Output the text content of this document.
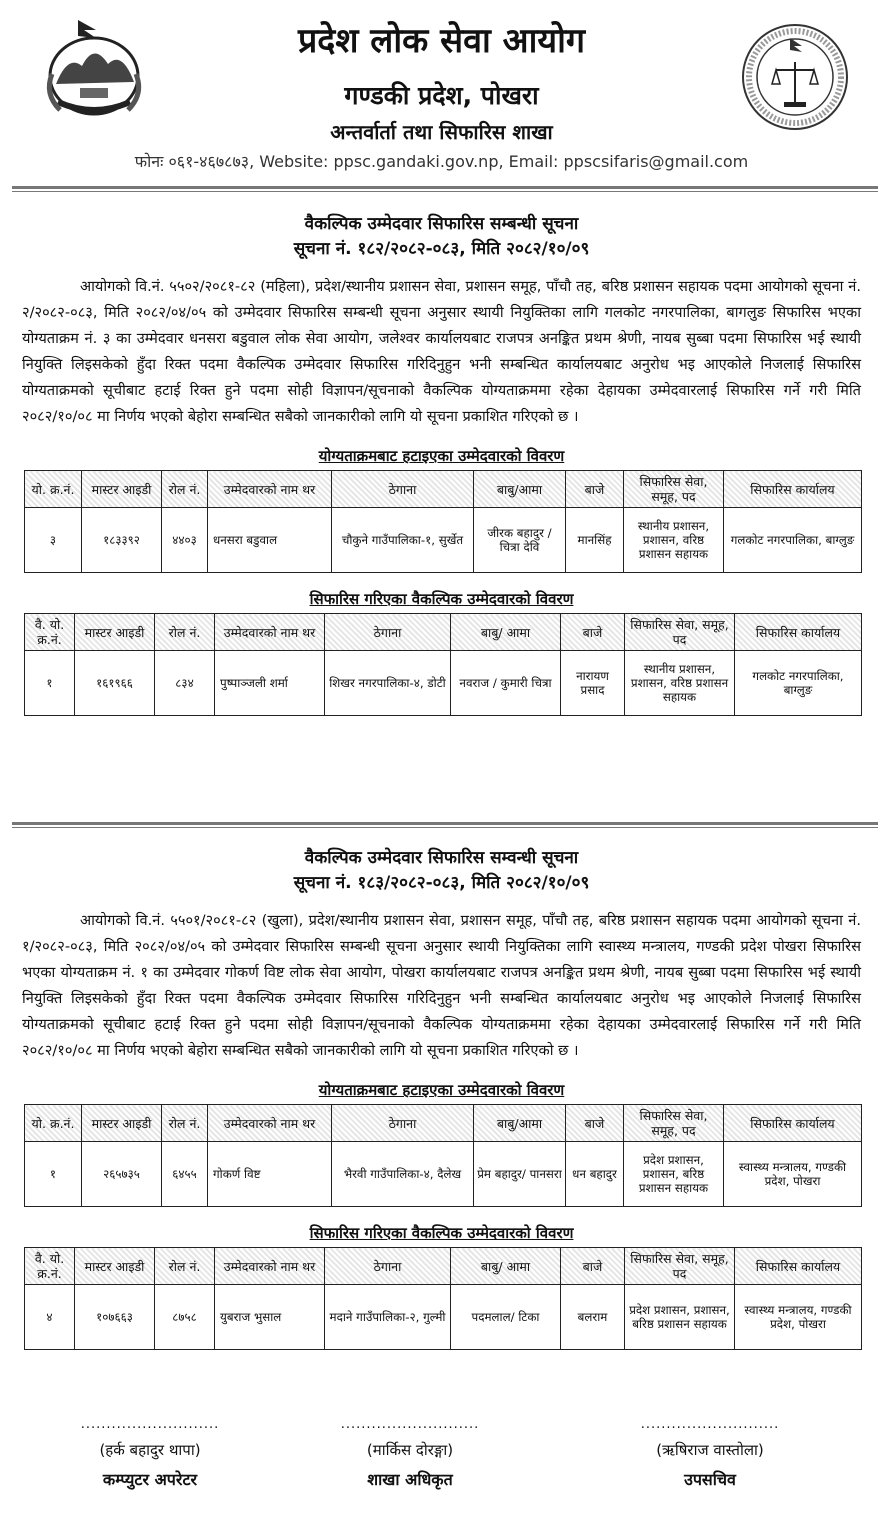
प्रदेश लोक सेवा आयोग
गण्डकी प्रदेश, पोखरा
अन्तर्वार्ता तथा सिफारिस शाखा
फोनः ०६१-४६७८७३, Website: ppsc.gandaki.gov.np, Email: ppscsifaris@gmail.com
वैकल्पिक उम्मेदवार सिफारिस सम्बन्धी सूचना
सूचना नं. १८२/२०८२-०८३, मिति २०८२/१०/०९
आयोगको वि.नं. ५५०२/२०८१-८२ (महिला), प्रदेश/स्थानीय प्रशासन सेवा, प्रशासन समूह, पाँचौ तह, बरिष्ठ प्रशासन सहायक पदमा आयोगको सूचना नं. २/२०८२-०८३, मिति २०८२/०४/०५ को उम्मेदवार सिफारिस सम्बन्धी सूचना अनुसार स्थायी नियुक्तिका लागि गलकोट नगरपालिका, बागलुङ सिफारिस भएका योग्यताक्रम नं. ३ का उम्मेदवार धनसरा बडुवाल लोक सेवा आयोग, जलेश्वर कार्यालयबाट राजपत्र अनङ्कित प्रथम श्रेणी, नायब सुब्बा पदमा सिफारिस भई स्थायी नियुक्ति लिइसकेको हुँदा रिक्त पदमा वैकल्पिक उम्मेदवार सिफारिस गरिदिनुहुन भनी सम्बन्धित कार्यालयबाट अनुरोध भइ आएकोले निजलाई सिफारिस योग्यताक्रमको सूचीबाट हटाई रिक्त हुने पदमा सोही विज्ञापन/सूचनाको वैकल्पिक योग्यताक्रममा रहेका देहायका उम्मेदवारलाई सिफारिस गर्ने गरी मिति २०८२/१०/०८ मा निर्णय भएको बेहोरा सम्बन्धित सबैको जानकारीको लागि यो सूचना प्रकाशित गरिएको छ ।
योग्यताक्रमबाट हटाइएका उम्मेदवारको विवरण
यो. क्र.नं.	मास्टर आइडी	रोल नं.	उम्मेदवारको नाम थर	ठेगाना	बाबु/आमा	बाजे	सिफारिस सेवा, समूह, पद	सिफारिस कार्यालय
३	१८३३९२	४४०३	धनसरा बडुवाल	चौकुने गाउँपालिका-१, सुर्खेत	जीरक बहादुर / चित्रा देवि	मानसिंह	स्थानीय प्रशासन, प्रशासन, वरिष्ठ प्रशासन सहायक	गलकोट नगरपालिका, बाग्लुङ
सिफारिस गरिएका वैकल्पिक उम्मेदवारको विवरण
वै. यो. क्र.नं.	मास्टर आइडी	रोल नं.	उम्मेदवारको नाम थर	ठेगाना	बाबु/ आमा	बाजे	सिफारिस सेवा, समूह, पद	सिफारिस कार्यालय
१	१६१९६६	८३४	पुष्पाञ्जली शर्मा	शिखर नगरपालिका-४, डोटी	नवराज / कुमारी चित्रा	नारायण प्रसाद	स्थानीय प्रशासन, प्रशासन, वरिष्ठ प्रशासन सहायक	गलकोट नगरपालिका, बाग्लुङ
वैकल्पिक उम्मेदवार सिफारिस सम्वन्धी सूचना
सूचना नं. १८३/२०८२-०८३, मिति २०८२/१०/०९
आयोगको वि.नं. ५५०१/२०८१-८२ (खुला), प्रदेश/स्थानीय प्रशासन सेवा, प्रशासन समूह, पाँचौ तह, बरिष्ठ प्रशासन सहायक पदमा आयोगको सूचना नं. १/२०८२-०८३, मिति २०८२/०४/०५ को उम्मेदवार सिफारिस सम्बन्धी सूचना अनुसार स्थायी नियुक्तिका लागि स्वास्थ्य मन्त्रालय, गण्डकी प्रदेश पोखरा सिफारिस भएका योग्यताक्रम नं. १ का उम्मेदवार गोकर्ण विष्ट लोक सेवा आयोग, पोखरा कार्यालयबाट राजपत्र अनङ्कित प्रथम श्रेणी, नायब सुब्बा पदमा सिफारिस भई स्थायी नियुक्ति लिइसकेको हुँदा रिक्त पदमा वैकल्पिक उम्मेदवार सिफारिस गरिदिनुहुन भनी सम्बन्धित कार्यालयबाट अनुरोध भइ आएकोले निजलाई सिफारिस योग्यताक्रमको सूचीबाट हटाई रिक्त हुने पदमा सोही विज्ञापन/सूचनाको वैकल्पिक योग्यताक्रममा रहेका देहायका उम्मेदवारलाई सिफारिस गर्ने गरी मिति २०८२/१०/०८ मा निर्णय भएको बेहोरा सम्बन्धित सबैको जानकारीको लागि यो सूचना प्रकाशित गरिएको छ ।
योग्यताक्रमबाट हटाइएका उम्मेदवारको विवरण
यो. क्र.नं.	मास्टर आइडी	रोल नं.	उम्मेदवारको नाम थर	ठेगाना	बाबु/आमा	बाजे	सिफारिस सेवा, समूह, पद	सिफारिस कार्यालय
१	२६५७३५	६४५५	गोकर्ण विष्ट	भैरवी गाउँपालिका-४, दैलेख	प्रेम बहादुर/ पानसरा	धन बहादुर	प्रदेश प्रशासन, प्रशासन, बरिष्ठ प्रशासन सहायक	स्वास्थ्य मन्त्रालय, गण्डकी प्रदेश, पोखरा
सिफारिस गरिएका वैकल्पिक उम्मेदवारको विवरण
वै. यो. क्र.नं.	मास्टर आइडी	रोल नं.	उम्मेदवारको नाम थर	ठेगाना	बाबु/ आमा	बाजे	सिफारिस सेवा, समूह, पद	सिफारिस कार्यालय
४	१०७६६३	८७५८	युबराज भुसाल	मदाने गाउँपालिका-२, गुल्मी	पदमलाल/ टिका	बलराम	प्रदेश प्रशासन, प्रशासन, बरिष्ठ प्रशासन सहायक	स्वास्थ्य मन्त्रालय, गण्डकी प्रदेश, पोखरा
...........................
(हर्क बहादुर थापा)
कम्प्युटर अपरेटर
...........................
(मार्किस दोरङ्गा)
शाखा अधिकृत
...........................
(ऋषिराज वास्तोला)
उपसचिव
